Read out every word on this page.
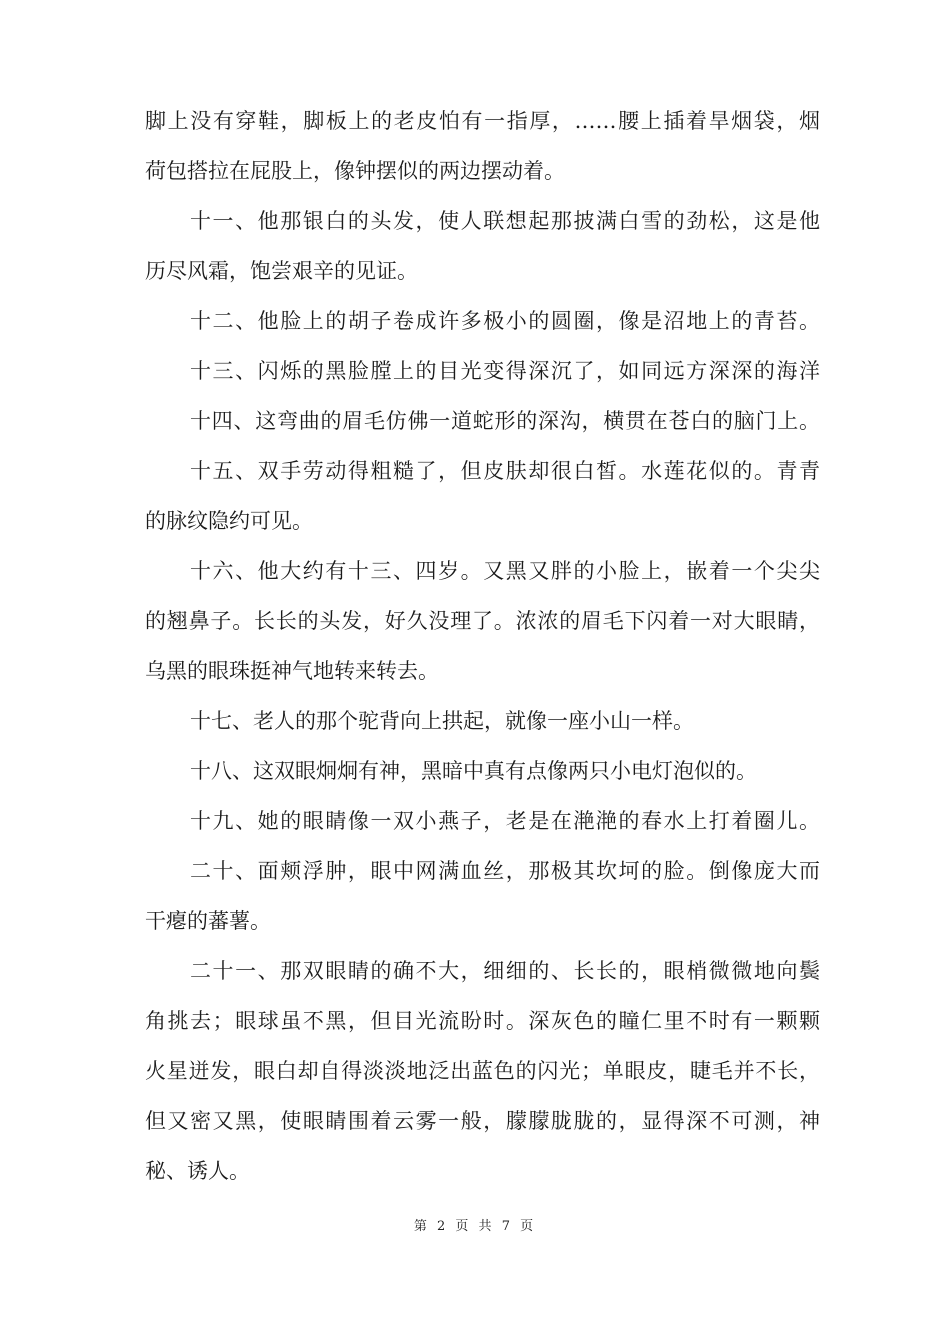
脚上没有穿鞋，脚板上的老皮怕有一指厚，……腰上插着旱烟袋，烟
荷包搭拉在屁股上，像钟摆似的两边摆动着。
十一、他那银白的头发，使人联想起那披满白雪的劲松，这是他
历尽风霜，饱尝艰辛的见证。
十二、他脸上的胡子卷成许多极小的圆圈，像是沼地上的青苔。
十三、闪烁的黑脸膛上的目光变得深沉了，如同远方深深的海洋
十四、这弯曲的眉毛仿佛一道蛇形的深沟，横贯在苍白的脑门上。
十五、双手劳动得粗糙了，但皮肤却很白皙。水莲花似的。青青
的脉纹隐约可见。
十六、他大约有十三、四岁。又黑又胖的小脸上，嵌着一个尖尖
的翘鼻子。长长的头发，好久没理了。浓浓的眉毛下闪着一对大眼睛，
乌黑的眼珠挺神气地转来转去。
十七、老人的那个驼背向上拱起，就像一座小山一样。
十八、这双眼炯炯有神，黑暗中真有点像两只小电灯泡似的。
十九、她的眼睛像一双小燕子，老是在滟滟的春水上打着圈儿。
二十、面颊浮肿，眼中网满血丝，那极其坎坷的脸。倒像庞大而
干瘪的蕃薯。
二十一、那双眼睛的确不大，细细的、长长的，眼梢微微地向鬓
角挑去；眼球虽不黑，但目光流盼时。深灰色的瞳仁里不时有一颗颗
火星迸发，眼白却自得淡淡地泛出蓝色的闪光；单眼皮，睫毛并不长，
但又密又黑，使眼睛围着云雾一般，朦朦胧胧的，显得深不可测，神
秘、诱人。
第 2 页 共 7 页
